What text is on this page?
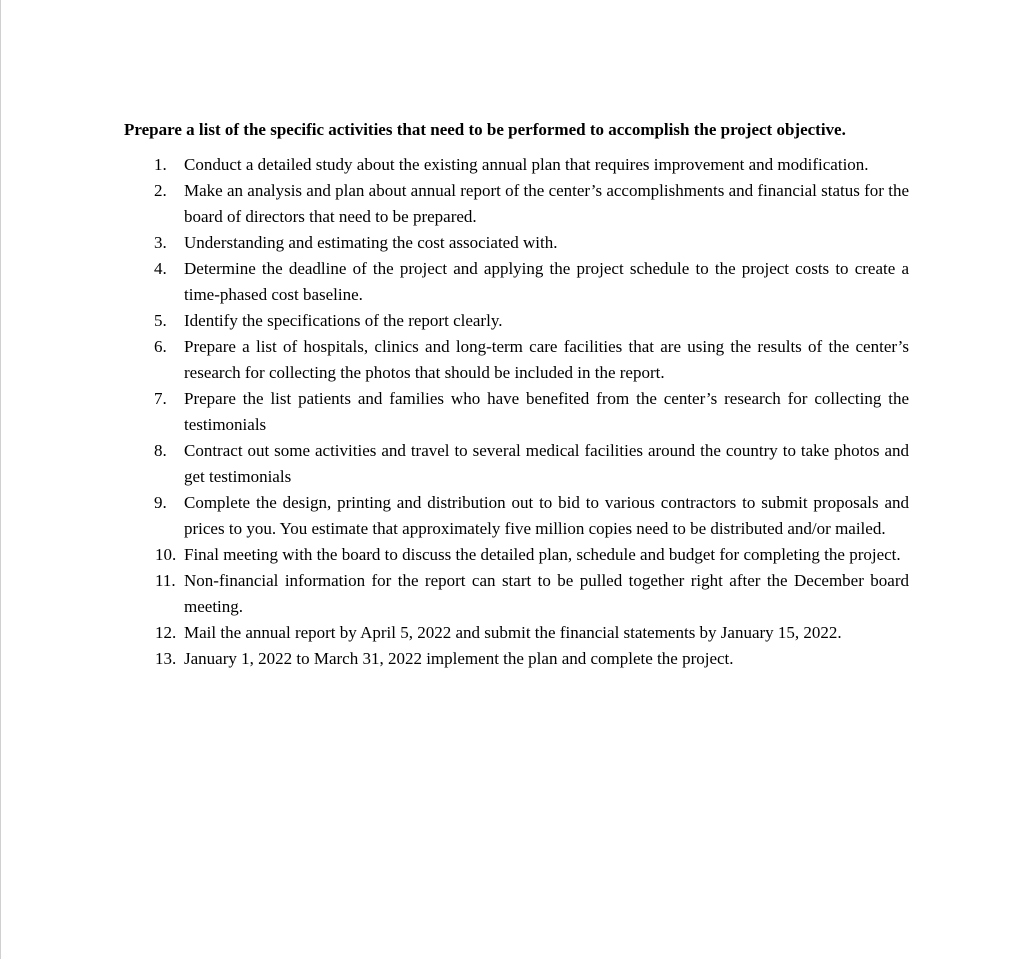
Prepare a list of the specific activities that need to be performed to accomplish the project objective.

1.	Conduct a detailed study about the existing annual plan that requires improvement and modification.
2.	Make an analysis and plan about annual report of the center’s accomplishments and financial status for the board of directors that need to be prepared.
3.	Understanding and estimating the cost associated with.
4.	Determine the deadline of the project and applying the project schedule to the project costs to create a time-phased cost baseline.
5.	Identify the specifications of the report clearly.
6.	Prepare a list of hospitals, clinics and long-term care facilities that are using the results of the center’s research for collecting the photos that should be included in the report.
7.	Prepare the list patients and families who have benefited from the center’s research for collecting the testimonials
8.	Contract out some activities and travel to several medical facilities around the country to take photos and get testimonials
9.	Complete the design, printing and distribution out to bid to various contractors to submit proposals and prices to you. You estimate that approximately five million copies need to be distributed and/or mailed.
10. Final meeting with the board to discuss the detailed plan, schedule and budget for completing the project.
11. Non-financial information for the report can start to be pulled together right after the December board meeting.
12. Mail the annual report by April 5, 2022 and submit the financial statements by January 15, 2022.
13. January 1, 2022 to March 31, 2022 implement the plan and complete the project.
